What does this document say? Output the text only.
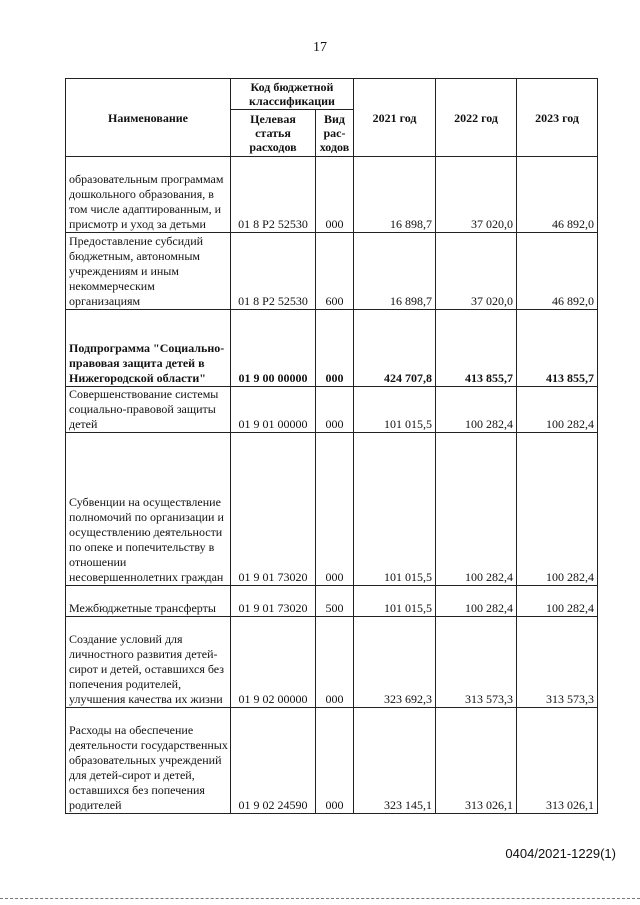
17
Наименование	Код бюджетной классификации		2021 год	2022 год	2023 год
	Целевая статья расходов	Вид рас-ходов			
образовательным программам дошкольного образования, в том числе адаптированным, и присмотр и уход за детьми	01 8 P2 52530	000	16 898,7	37 020,0	46 892,0
Предоставление субсидий бюджетным, автономным учреждениям и иным некоммерческим организациям	01 8 P2 52530	600	16 898,7	37 020,0	46 892,0
Подпрограмма "Социально-правовая защита детей в Нижегородской области"	01 9 00 00000	000	424 707,8	413 855,7	413 855,7
Совершенствование системы социально-правовой защиты детей	01 9 01 00000	000	101 015,5	100 282,4	100 282,4
Субвенции на осуществление полномочий по организации и осуществлению деятельности по опеке и попечительству в отношении несовершеннолетних граждан	01 9 01 73020	000	101 015,5	100 282,4	100 282,4
Межбюджетные трансферты	01 9 01 73020	500	101 015,5	100 282,4	100 282,4
Создание условий для личностного развития детей-сирот и детей, оставшихся без попечения родителей, улучшения качества их жизни	01 9 02 00000	000	323 692,3	313 573,3	313 573,3
Расходы на обеспечение деятельности государственных образовательных учреждений для детей-сирот и детей, оставшихся без попечения родителей	01 9 02 24590	000	323 145,1	313 026,1	313 026,1
0404/2021-1229(1)
